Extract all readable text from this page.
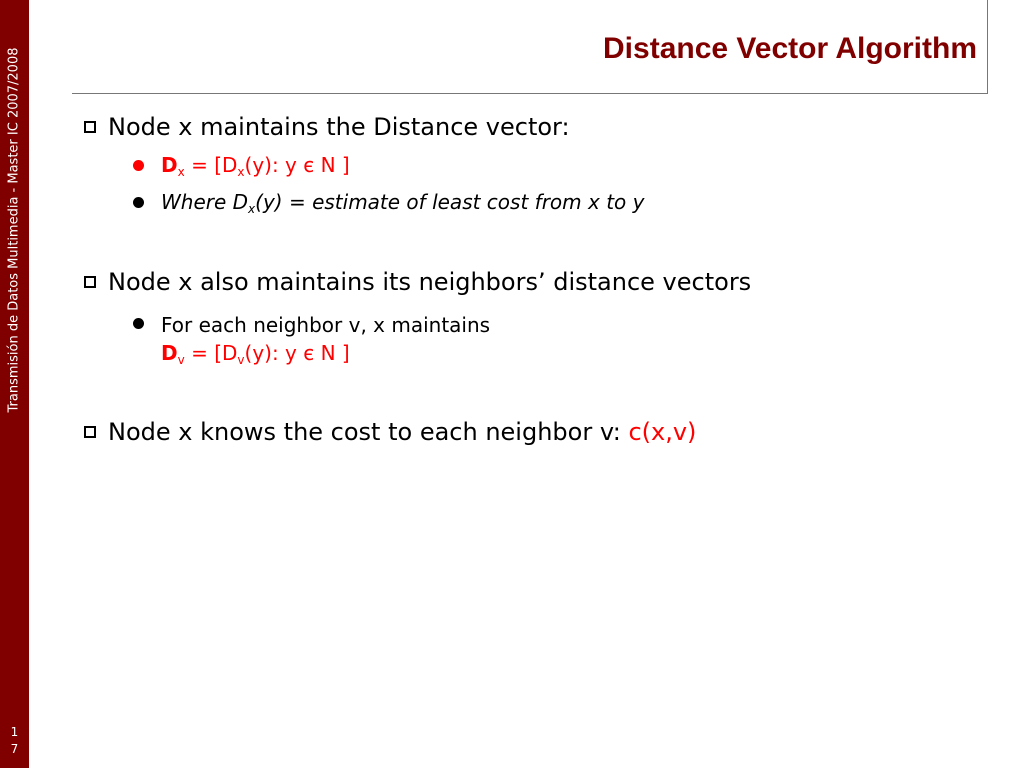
Transmisión de Datos Multimedia - Master IC 2007/2008
1
7
Distance Vector Algorithm
Node x maintains the Distance vector:
$D_x = [D_x(y)$: y є N ]
Where $D_x(y)$ = estimate of least cost from x to y
Node x also maintains its neighbors’ distance vectors
For each neighbor v, x maintains
$D_v = [D_v(y)$: y є N ]
Node x knows the cost to each neighbor v: c(x,v)
